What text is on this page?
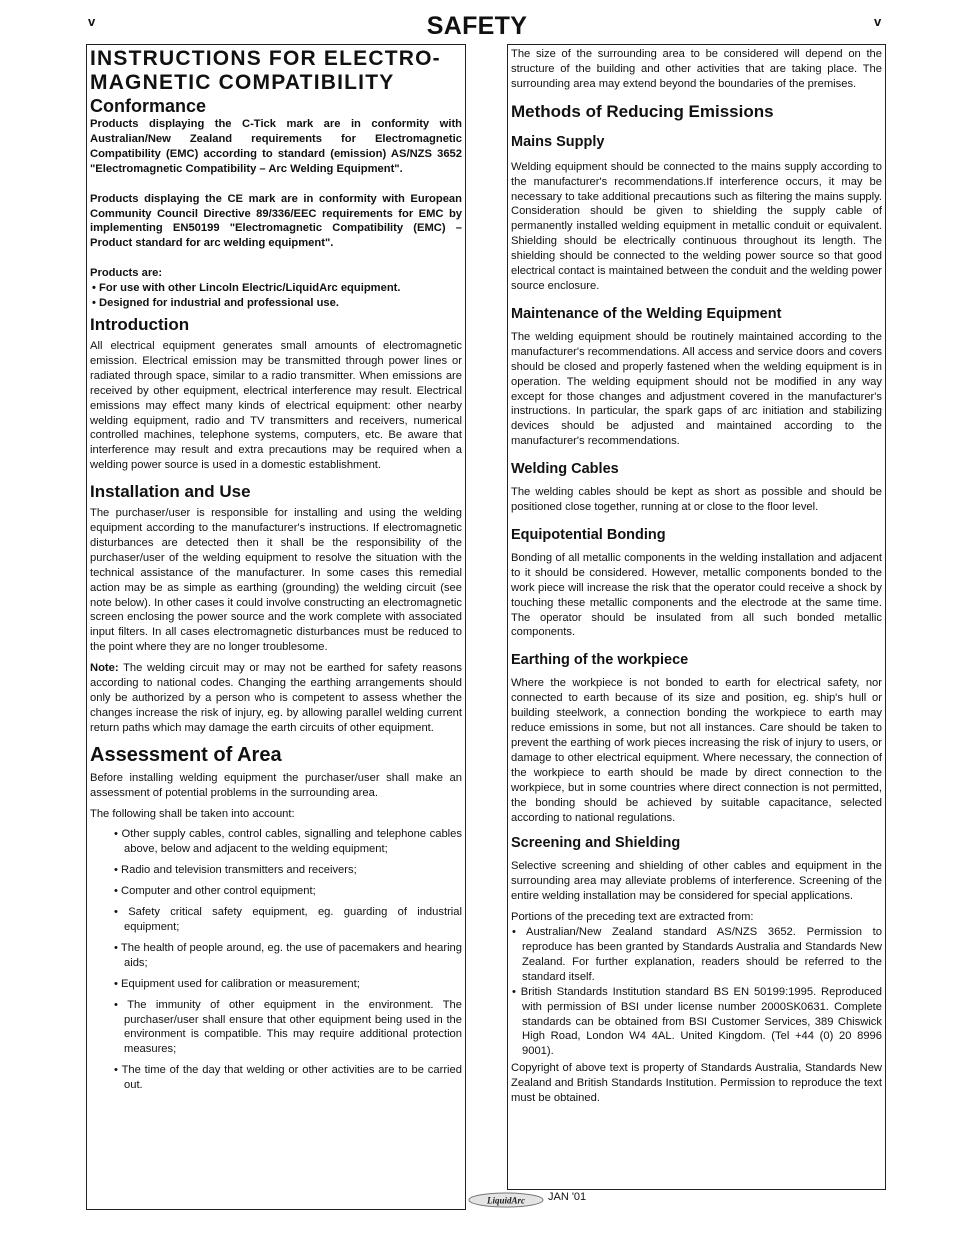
v	SAFETY	v
INSTRUCTIONS FOR ELECTRO-MAGNETIC COMPATIBILITY
Conformance

Products displaying the C-Tick mark are in conformity with Australian/New Zealand requirements for Electromagnetic Compatibility (EMC) according to standard (emission) AS/NZS 3652 "Electromagnetic Compatibility – Arc Welding Equipment".

Products displaying the CE mark are in conformity with European Community Council Directive 89/336/EEC requirements for EMC by implementing EN50199 "Electromagnetic Compatibility (EMC) – Product standard for arc welding equipment".

Products are:
• For use with other Lincoln Electric/LiquidArc equipment.
• Designed for industrial and professional use.
Introduction

All electrical equipment generates small amounts of electromagnetic emission. Electrical emission may be transmitted through power lines or radiated through space, similar to a radio transmitter. When emissions are received by other equipment, electrical interference may result. Electrical emissions may effect many kinds of electrical equipment: other nearby welding equipment, radio and TV transmitters and receivers, numerical controlled machines, telephone systems, computers, etc. Be aware that interference may result and extra precautions may be required when a welding power source is used in a domestic establishment.

Installation and Use

The purchaser/user is responsible for installing and using the welding equipment according to the manufacturer's instructions. If electromagnetic disturbances are detected then it shall be the responsibility of the purchaser/user of the welding equipment to resolve the situation with the technical assistance of the manufacturer. In some cases this remedial action may be as simple as earthing (grounding) the welding circuit (see note below). In other cases it could involve constructing an electromagnetic screen enclosing the power source and the work complete with associated input filters. In all cases electromagnetic disturbances must be reduced to the point where they are no longer troublesome.

Note: The welding circuit may or may not be earthed for safety reasons according to national codes. Changing the earthing arrangements should only be authorized by a person who is competent to assess whether the changes increase the risk of injury, eg. by allowing parallel welding current return paths which may damage the earth circuits of other equipment.

Assessment of Area

Before installing welding equipment the purchaser/user shall make an assessment of potential problems in the surrounding area.

The following shall be taken into account:

• Other supply cables, control cables, signalling and telephone cables above, below and adjacent to the welding equipment;
• Radio and television transmitters and receivers;
• Computer and other control equipment;
• Safety critical safety equipment, eg. guarding of industrial equipment;
• The health of people around, eg. the use of pacemakers and hearing aids;
• Equipment used for calibration or measurement;
• The immunity of other equipment in the environment. The purchaser/user shall ensure that other equipment being used in the environment is compatible. This may require additional protection measures;
• The time of the day that welding or other activities are to be carried out.

The size of the surrounding area to be considered will depend on the structure of the building and other activities that are taking place. The surrounding area may extend beyond the boundaries of the premises.

Methods of Reducing Emissions
Mains Supply

Welding equipment should be connected to the mains supply according to the manufacturer's recommendations.If interference occurs, it may be necessary to take additional precautions such as filtering the mains supply. Consideration should be given to shielding the supply cable of permanently installed welding equipment in metallic conduit or equivalent. Shielding should be electrically continuous throughout its length. The shielding should be connected to the welding power source so that good electrical contact is maintained between the conduit and the welding power source enclosure.

Maintenance of the Welding Equipment

The welding equipment should be routinely maintained according to the manufacturer's recommendations. All access and service doors and covers should be closed and properly fastened when the welding equipment is in operation. The welding equipment should not be modified in any way except for those changes and adjustment covered in the manufacturer's instructions. In particular, the spark gaps of arc initiation and stabilizing devices should be adjusted and maintained according to the manufacturer's recommendations.

Welding Cables

The welding cables should be kept as short as possible and should be positioned close together, running at or close to the floor level.

Equipotential Bonding

Bonding of all metallic components in the welding installation and adjacent to it should be considered. However, metallic components bonded to the work piece will increase the risk that the operator could receive a shock by touching these metallic components and the electrode at the same time. The operator should be insulated from all such bonded metallic components.

Earthing of the workpiece

Where the workpiece is not bonded to earth for electrical safety, nor connected to earth because of its size and position, eg. ship's hull or building steelwork, a connection bonding the workpiece to earth may reduce emissions in some, but not all instances. Care should be taken to prevent the earthing of work pieces increasing the risk of injury to users, or damage to other electrical equipment. Where necessary, the connection of the workpiece to earth should be made by direct connection to the workpiece, but in some countries where direct connection is not permitted, the bonding should be achieved by suitable capacitance, selected according to national regulations.

Screening and Shielding

Selective screening and shielding of other cables and equipment in the surrounding area may alleviate problems of interference. Screening of the entire welding installation may be considered for special applications.

Portions of the preceding text are extracted from:

• Australian/New Zealand standard AS/NZS 3652. Permission to reproduce has been granted by Standards Australia and Standards New Zealand. For further explanation, readers should be referred to the standard itself.
• British Standards Institution standard BS EN 50199:1995. Reproduced with permission of BSI under license number 2000SK0631. Complete standards can be obtained from BSI Customer Services, 389 Chiswick High Road, London W4 4AL. United Kingdom. (Tel +44 (0) 20 8996 9001).

Copyright of above text is property of Standards Australia, Standards New Zealand and British Standards Institution. Permission to reproduce the text must be obtained.

LiquidArc JAN '01
